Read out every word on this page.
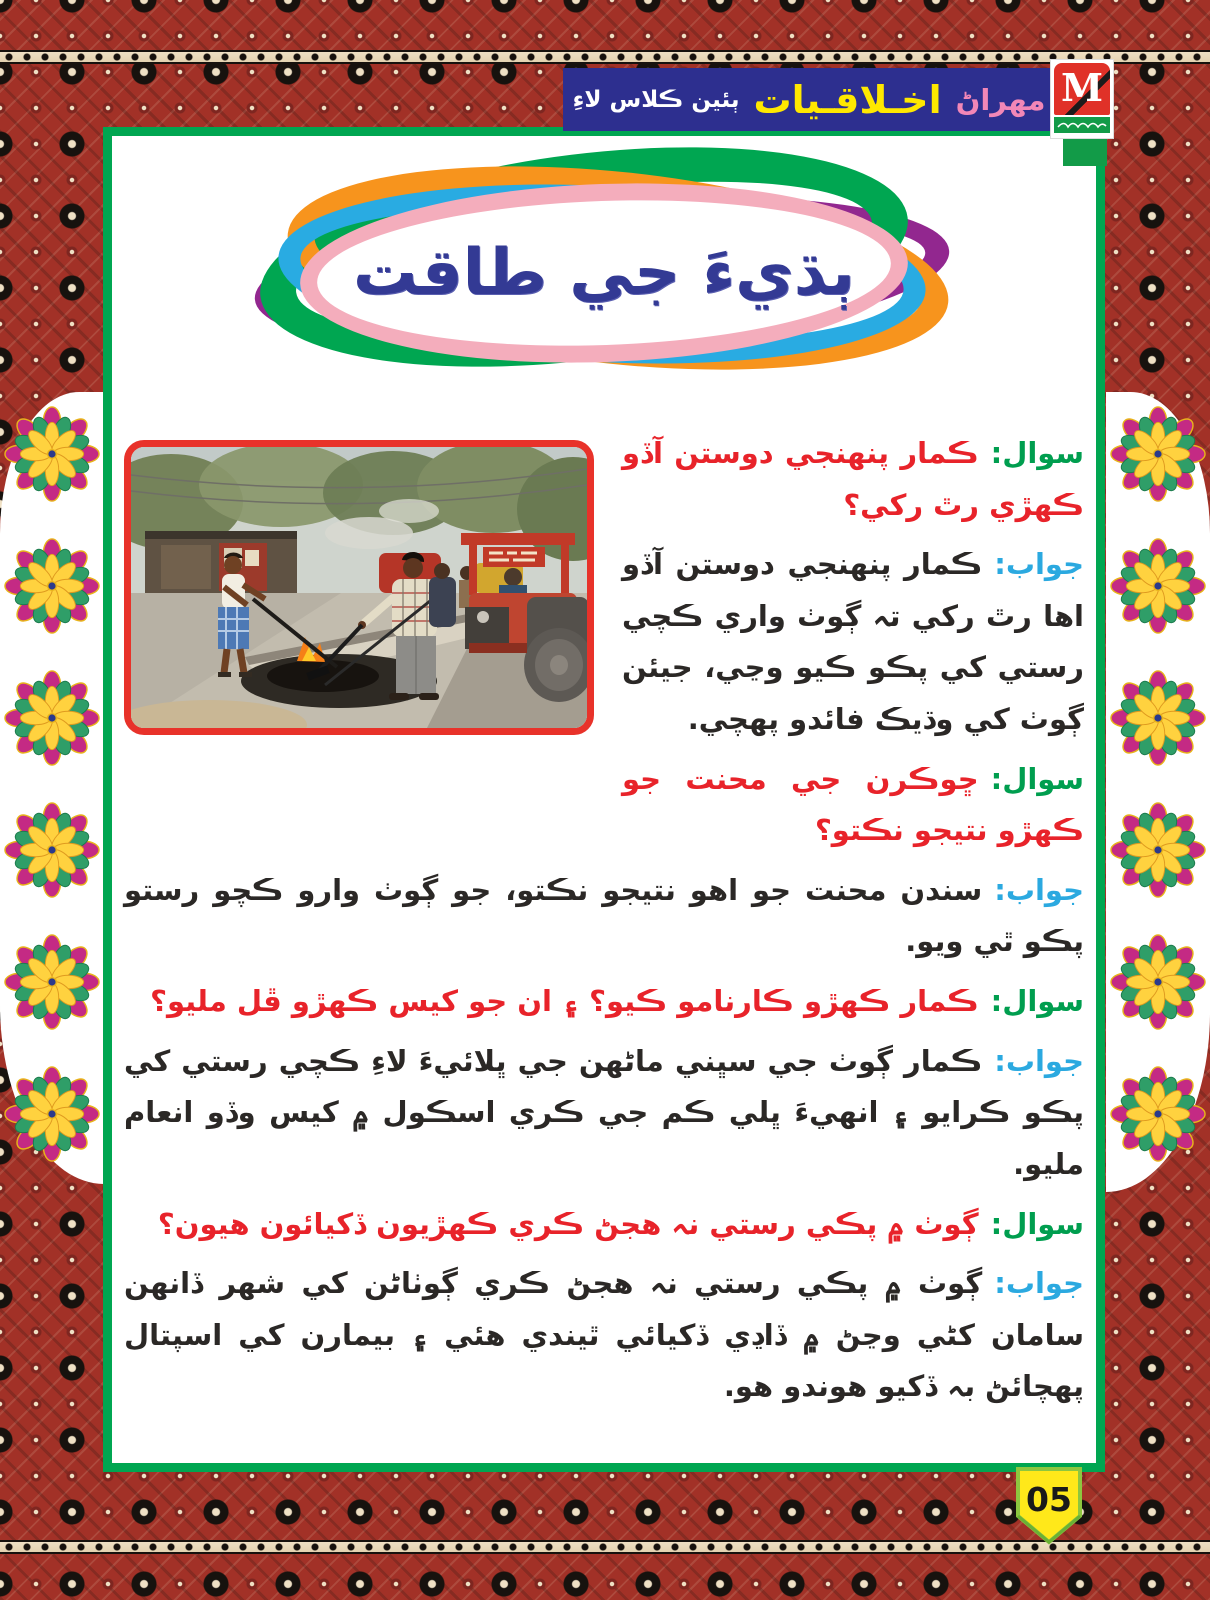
مهراڻ
اخـلاقـيات
ٻئين ڪلاس لاءِ	M
ٻڌيءَ جي طاقت
سوال:ڪمار پنهنجي دوستن آڏو ڪهڙي رٿ رکي؟
جواب:ڪمار پنهنجي دوستن آڏو اها رٿ رکي تہ ڳوٺ واري ڪچي رستي کي پڪو ڪيو وڃي، جيئن ڳوٺ کي وڌيڪ فائدو پهچي.
سوال:ڇوڪرن جي محنت جو ڪهڙو نتيجو نڪتو؟
جواب:سندن محنت جو اهو نتيجو نڪتو، جو ڳوٺ وارو ڪچو رستو پڪو ٿي ويو.
سوال:ڪمار ڪهڙو ڪارنامو ڪيو؟ ۽ ان جو کيس ڪهڙو ڦل مليو؟
جواب:ڪمار ڳوٺ جي سڀني ماڻهن جي ڀلائيءَ لاءِ ڪچي رستي کي پڪو ڪرايو ۽ انهيءَ ڀلي ڪم جي ڪري اسڪول ۾ کيس وڏو انعام مليو.
سوال:ڳوٺ ۾ پڪي رستي نہ هجڻ ڪري ڪهڙيون ڏکيائون هيون؟
جواب:ڳوٺ ۾ پڪي رستي نہ هجڻ ڪري ڳوٺاڻن کي شهر ڏانهن سامان کڻي وڃڻ ۾ ڏاڍي ڏکيائي ٿيندي هئي ۽ بيمارن کي اسپتال پهچائڻ بہ ڏکيو هوندو هو.
05
